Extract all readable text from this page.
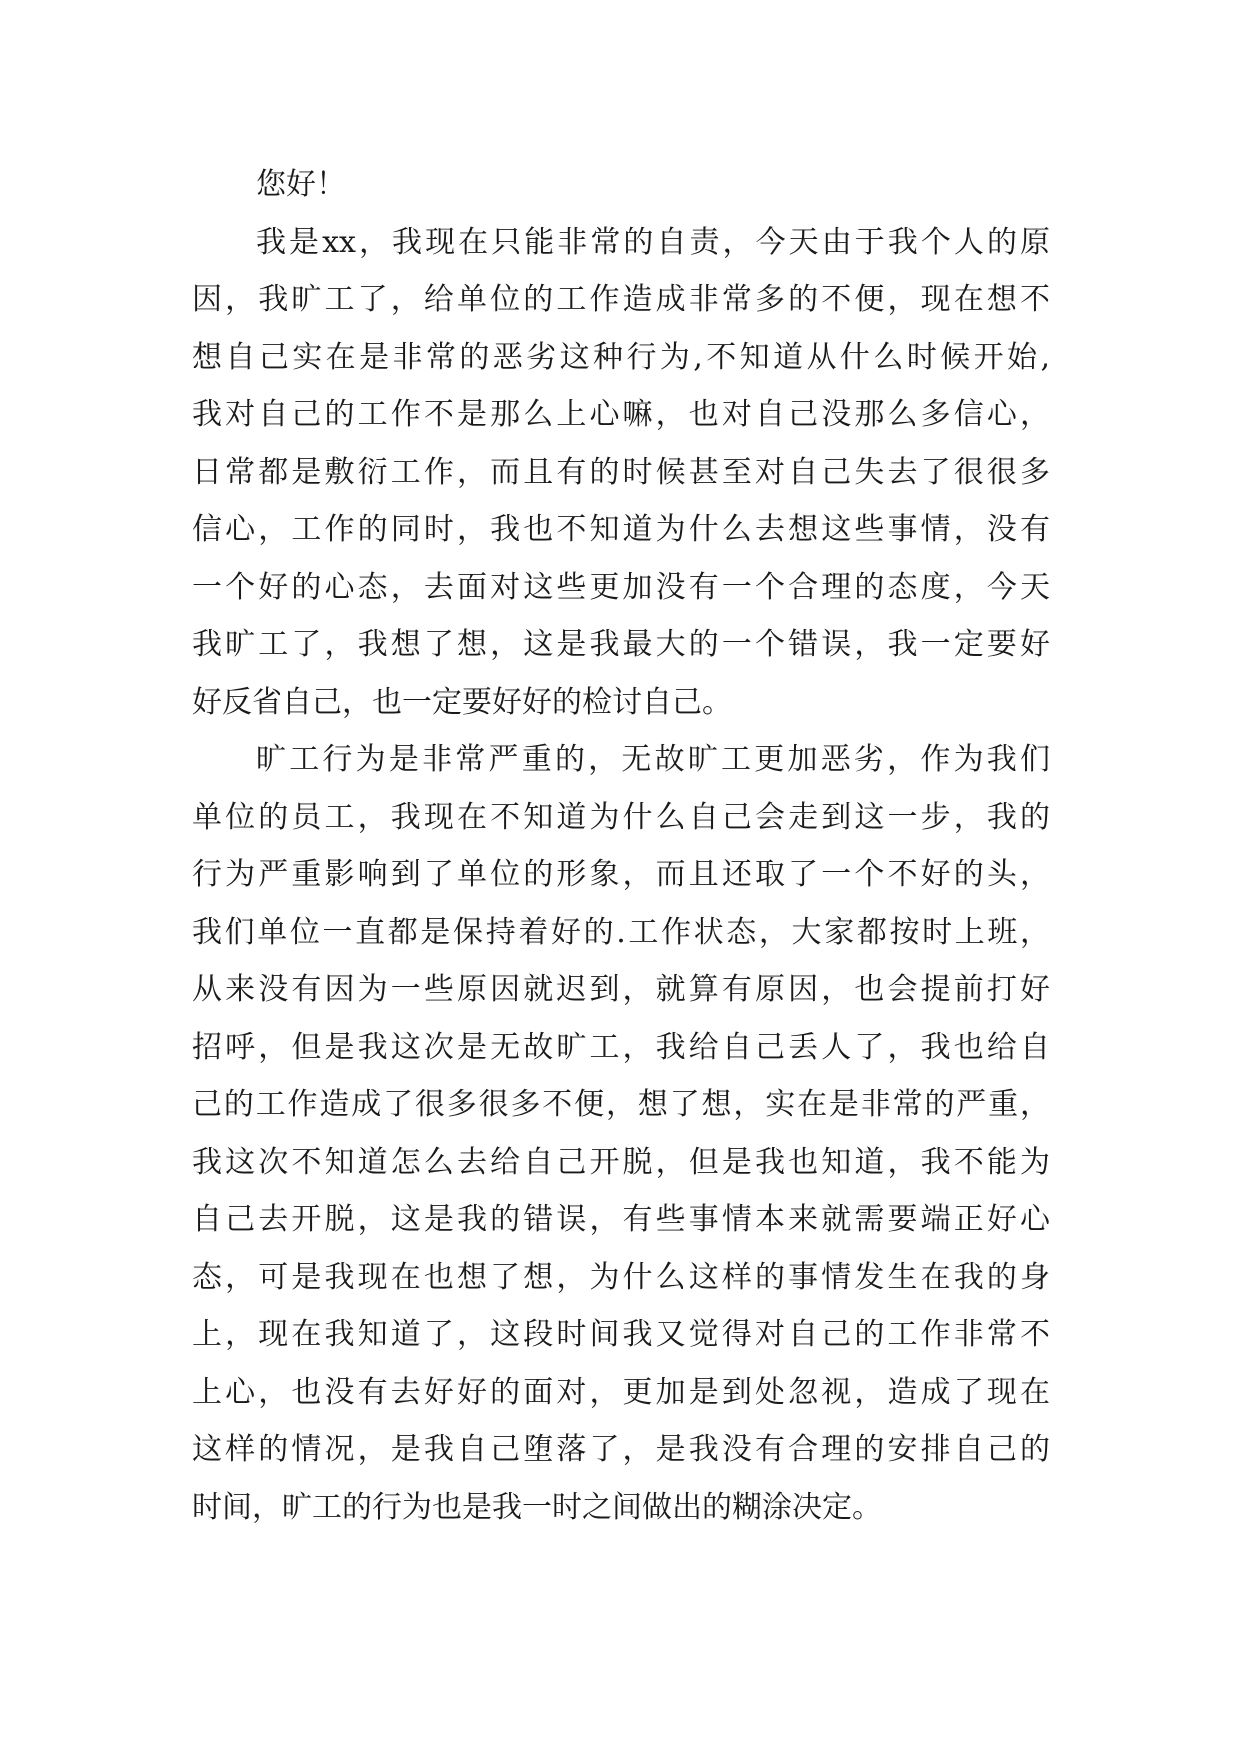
您好！
我是xx，我现在只能非常的自责，今天由于我个人的原
因，我旷工了，给单位的工作造成非常多的不便，现在想不
想自己实在是非常的恶劣这种行为,不知道从什么时候开始,
我对自己的工作不是那么上心嘛，也对自己没那么多信心，
日常都是敷衍工作，而且有的时候甚至对自己失去了很很多
信心，工作的同时，我也不知道为什么去想这些事情，没有
一个好的心态，去面对这些更加没有一个合理的态度，今天
我旷工了，我想了想，这是我最大的一个错误，我一定要好
好反省自己，也一定要好好的检讨自己。
旷工行为是非常严重的，无故旷工更加恶劣，作为我们
单位的员工，我现在不知道为什么自己会走到这一步，我的
行为严重影响到了单位的形象，而且还取了一个不好的头，
我们单位一直都是保持着好的.工作状态，大家都按时上班，
从来没有因为一些原因就迟到，就算有原因，也会提前打好
招呼，但是我这次是无故旷工，我给自己丢人了，我也给自
己的工作造成了很多很多不便，想了想，实在是非常的严重，
我这次不知道怎么去给自己开脱，但是我也知道，我不能为
自己去开脱，这是我的错误，有些事情本来就需要端正好心
态，可是我现在也想了想，为什么这样的事情发生在我的身
上，现在我知道了，这段时间我又觉得对自己的工作非常不
上心，也没有去好好的面对，更加是到处忽视，造成了现在
这样的情况，是我自己堕落了，是我没有合理的安排自己的
时间，旷工的行为也是我一时之间做出的糊涂决定。
